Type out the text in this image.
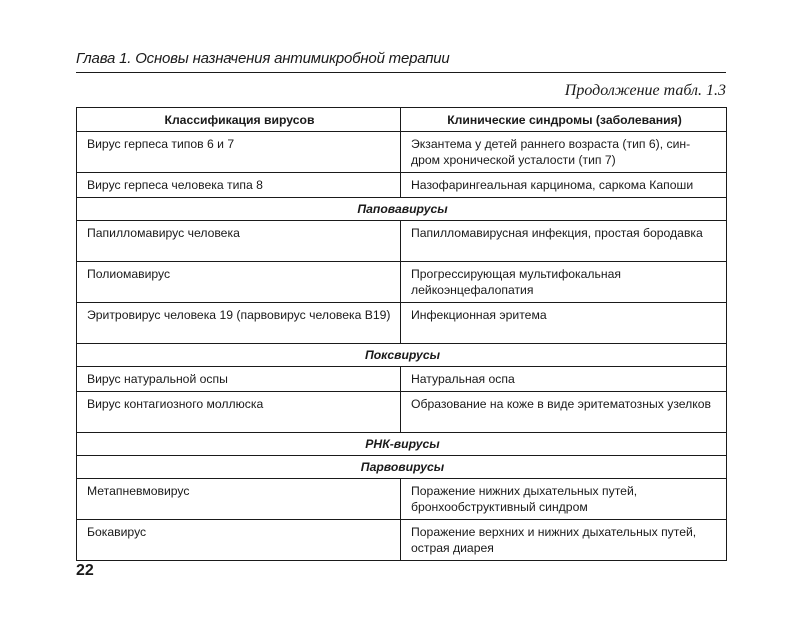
Глава 1. Основы назначения антимикробной терапии
Продолжение табл. 1.3
Классификация вирусов	Клинические синдромы (заболевания)
Вирус герпеса типов 6 и 7	Экзантема у детей раннего возраста (тип 6), син-дром хронической усталости (тип 7)
Вирус герпеса человека типа 8	Назофарингеальная карцинома, саркома Капоши
Паповавирусы	
Папилломавирус человека	Папилломавирусная инфекция, простая бородавка
Полиомавирус	Прогрессирующая мультифокальная лейкоэнцефалопатия
Эритровирус человека 19 (парвовирус человека B19)	Инфекционная эритема
Поксвирусы	
Вирус натуральной оспы	Натуральная оспа
Вирус контагиозного моллюска	Образование на коже в виде эритематозных узелков
РНК-вирусы	
Парвовирусы	
Метапневмовирус	Поражение нижних дыхательных путей, бронхообструктивный синдром
Бокавирус	Поражение верхних и нижних дыхательных путей, острая диарея
22
